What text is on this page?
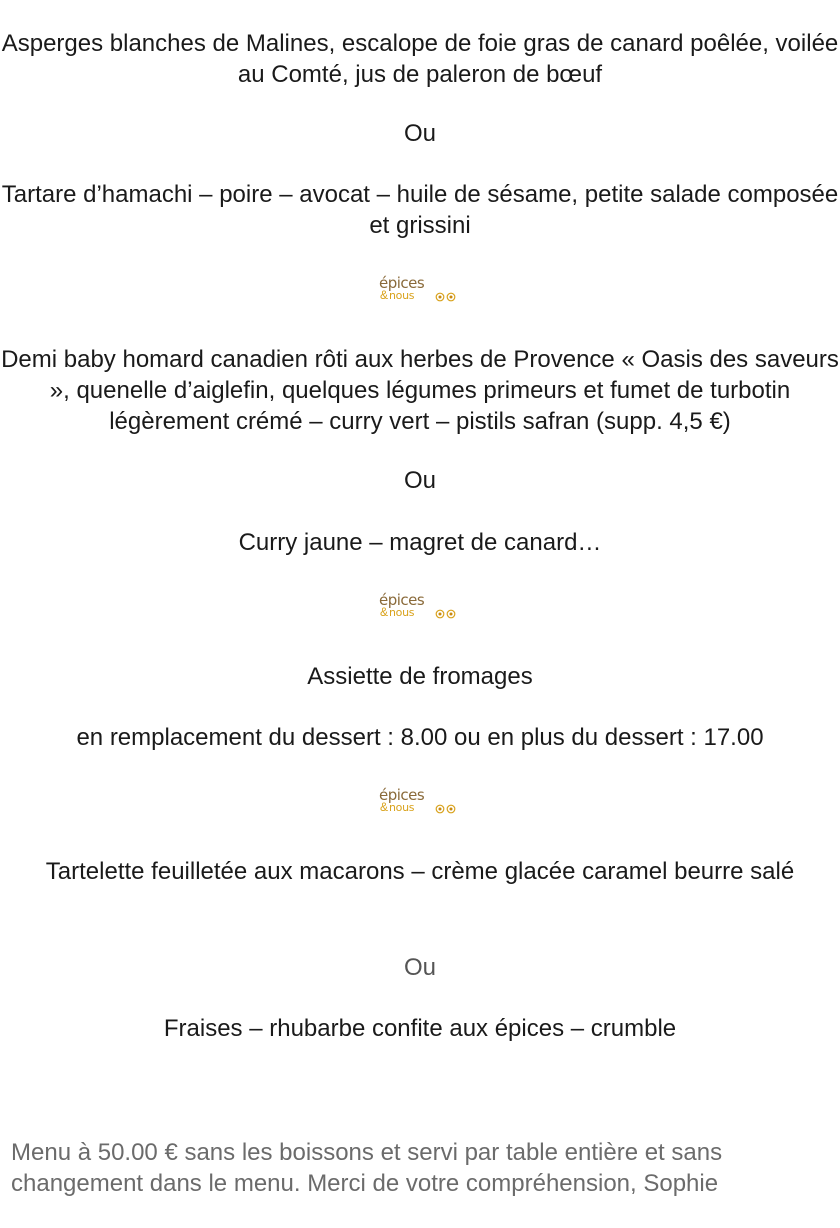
Asperges blanches de Malines, escalope de foie gras de canard poêlée, voilée au Comté, jus de paleron de bœuf

Ou

Tartare d’hamachi – poire – avocat – huile de sésame, petite salade composée et grissini

épices
& nous

Demi baby homard canadien rôti aux herbes de Provence « Oasis des saveurs », quenelle d’aiglefin, quelques légumes primeurs et fumet de turbotin légèrement crémé – curry vert – pistils safran (supp. 4,5 €)

Ou

Curry jaune – magret de canard…

épices
& nous

Assiette de fromages

en remplacement du dessert : 8.00 ou en plus du dessert : 17.00

épices
& nous

Tartelette feuilletée aux macarons – crème glacée caramel beurre salé

Ou

Fraises – rhubarbe confite aux épices – crumble

Menu à 50.00 € sans les boissons et servi par table entière et sans
changement dans le menu. Merci de votre compréhension, Sophie
